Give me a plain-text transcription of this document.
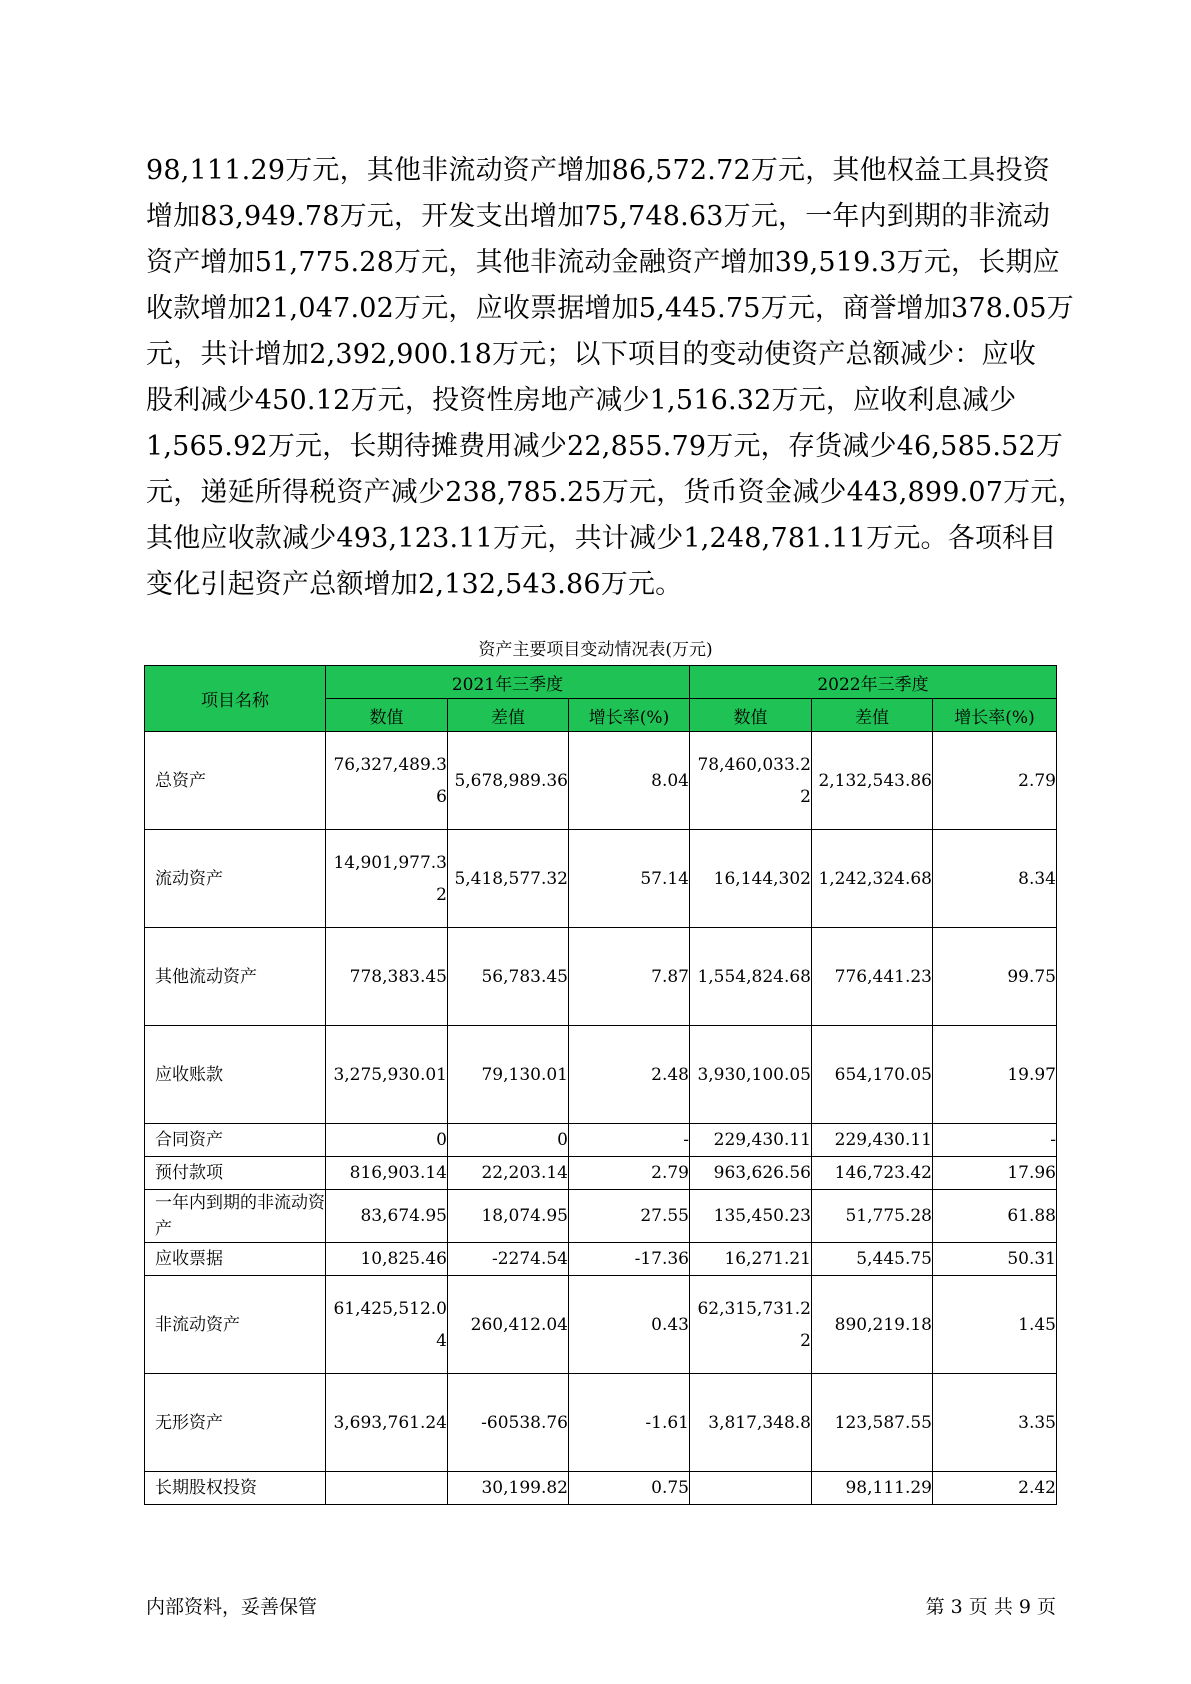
98,111.29万元，其他非流动资产增加86,572.72万元，其他权益工具投资
增加83,949.78万元，开发支出增加75,748.63万元，一年内到期的非流动
资产增加51,775.28万元，其他非流动金融资产增加39,519.3万元，长期应
收款增加21,047.02万元，应收票据增加5,445.75万元，商誉增加378.05万
元，共计增加2,392,900.18万元；以下项目的变动使资产总额减少：应收
股利减少450.12万元，投资性房地产减少1,516.32万元，应收利息减少
1,565.92万元，长期待摊费用减少22,855.79万元，存货减少46,585.52万
元，递延所得税资产减少238,785.25万元，货币资金减少443,899.07万元，
其他应收款减少493,123.11万元，共计减少1,248,781.11万元。各项科目
变化引起资产总额增加2,132,543.86万元。
资产主要项目变动情况表(万元)
项目名称	2021年三季度			2022年三季度		
	数值	差值	增长率(%)	数值	差值	增长率(%)
总资产	76,327,489.36	5,678,989.36	8.04	78,460,033.22	2,132,543.86	2.79
流动资产	14,901,977.32	5,418,577.32	57.14	16,144,302	1,242,324.68	8.34
其他流动资产	778,383.45	56,783.45	7.87	1,554,824.68	776,441.23	99.75
应收账款	3,275,930.01	79,130.01	2.48	3,930,100.05	654,170.05	19.97
合同资产	0	0	-	229,430.11	229,430.11	-
预付款项	816,903.14	22,203.14	2.79	963,626.56	146,723.42	17.96
一年内到期的非流动资产	83,674.95	18,074.95	27.55	135,450.23	51,775.28	61.88
应收票据	10,825.46	-2274.54	-17.36	16,271.21	5,445.75	50.31
非流动资产	61,425,512.04	260,412.04	0.43	62,315,731.22	890,219.18	1.45
无形资产	3,693,761.24	-60538.76	-1.61	3,817,348.8	123,587.55	3.35
长期股权投资		30,199.82	0.75		98,111.29	2.42
内部资料，妥善保管	第 3 页 共 9 页
